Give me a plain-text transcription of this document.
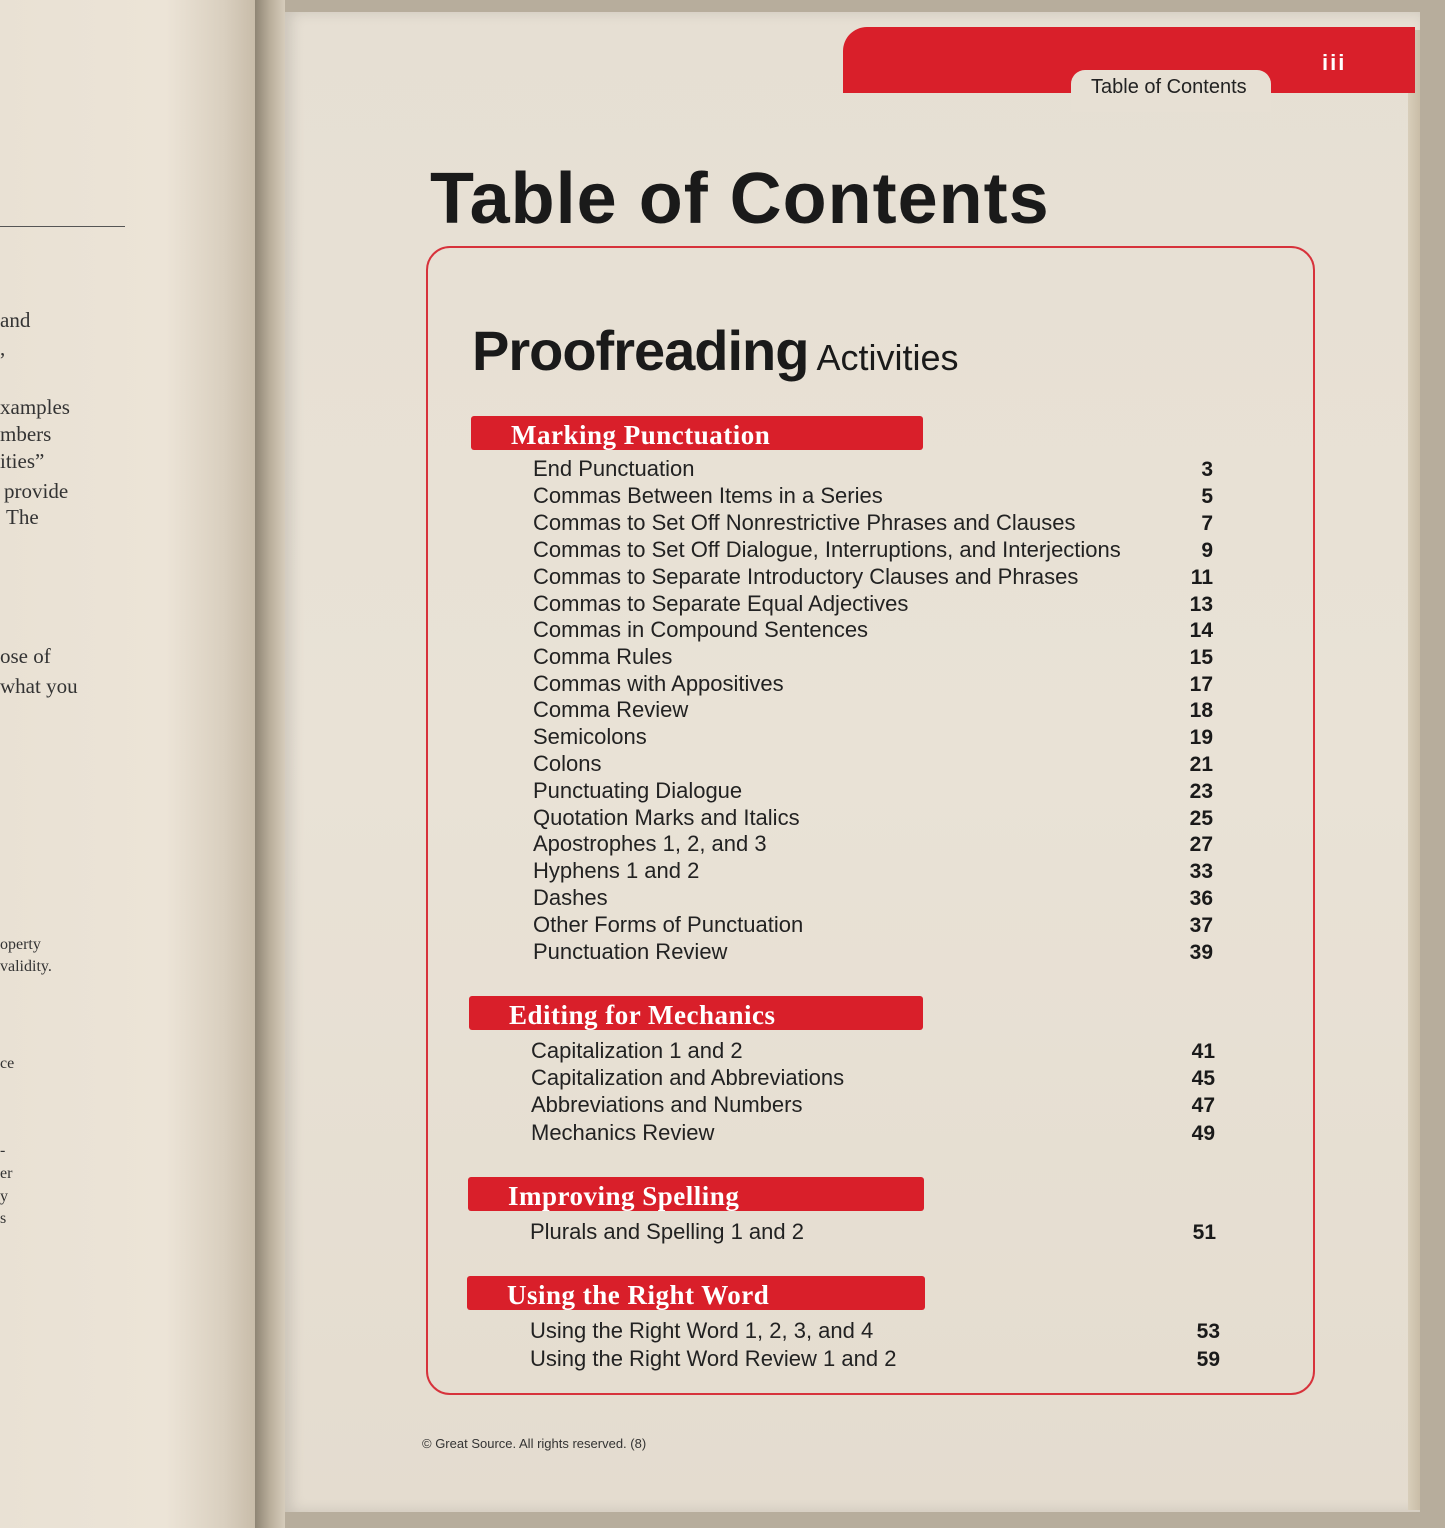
and
,
xamples
mbers
ities”
provide
The
ose of
what you
operty
validity.
ce
-
er
y
s
Table of Contents
iii
Table of Contents
Proofreading Activities
Marking Punctuation
End Punctuation	3
Commas Between Items in a Series	5
Commas to Set Off Nonrestrictive Phrases and Clauses	7
Commas to Set Off Dialogue, Interruptions, and Interjections	9
Commas to Separate Introductory Clauses and Phrases	11
Commas to Separate Equal Adjectives	13
Commas in Compound Sentences	14
Comma Rules	15
Commas with Appositives	17
Comma Review	18
Semicolons	19
Colons	21
Punctuating Dialogue	23
Quotation Marks and Italics	25
Apostrophes 1, 2, and 3	27
Hyphens 1 and 2	33
Dashes	36
Other Forms of Punctuation	37
Punctuation Review	39
Editing for Mechanics
Capitalization 1 and 2	41
Capitalization and Abbreviations	45
Abbreviations and Numbers	47
Mechanics Review	49
Improving Spelling
Plurals and Spelling 1 and 2	51
Using the Right Word
Using the Right Word 1, 2, 3, and 4	53
Using the Right Word Review 1 and 2	59
© Great Source. All rights reserved. (8)
